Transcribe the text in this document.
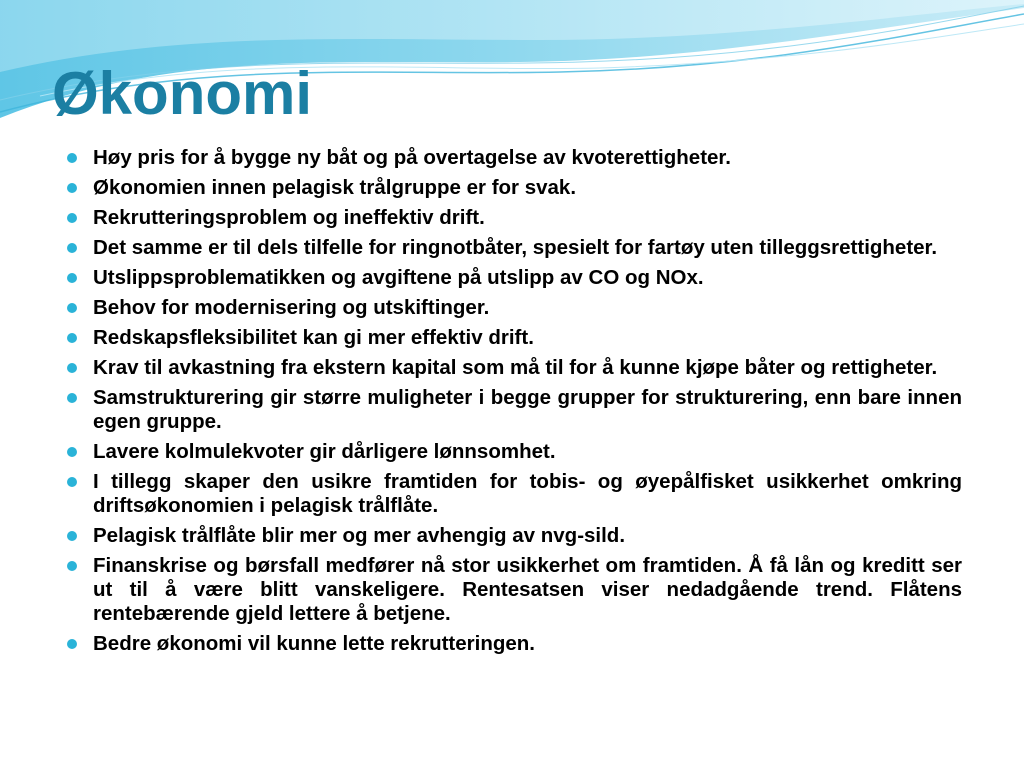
Økonomi
Høy pris for å bygge ny båt og på overtagelse av kvoterettigheter.
Økonomien innen pelagisk trålgruppe er for svak.
Rekrutteringsproblem og ineffektiv drift.
Det samme er til dels tilfelle for ringnotbåter, spesielt for fartøy uten tilleggsrettigheter.
Utslippsproblematikken og avgiftene på utslipp av CO og NOx.
Behov for modernisering og utskiftinger.
Redskapsfleksibilitet kan gi mer effektiv drift.
Krav til avkastning fra ekstern kapital som må til for å kunne kjøpe båter og rettigheter.
Samstrukturering gir større muligheter i begge grupper for strukturering, enn bare innen egen gruppe.
Lavere kolmulekvoter gir dårligere lønnsomhet.
I tillegg skaper den usikre framtiden for tobis- og øyepålfisket usikkerhet omkring driftsøkonomien i pelagisk trålflåte.
Pelagisk trålflåte blir mer og mer avhengig av nvg-sild.
Finanskrise og børsfall medfører nå stor usikkerhet om framtiden. Å få lån og kreditt ser ut til å være blitt vanskeligere. Rentesatsen viser nedadgående trend. Flåtens rentebærende gjeld lettere å betjene.
Bedre økonomi vil kunne lette rekrutteringen.
